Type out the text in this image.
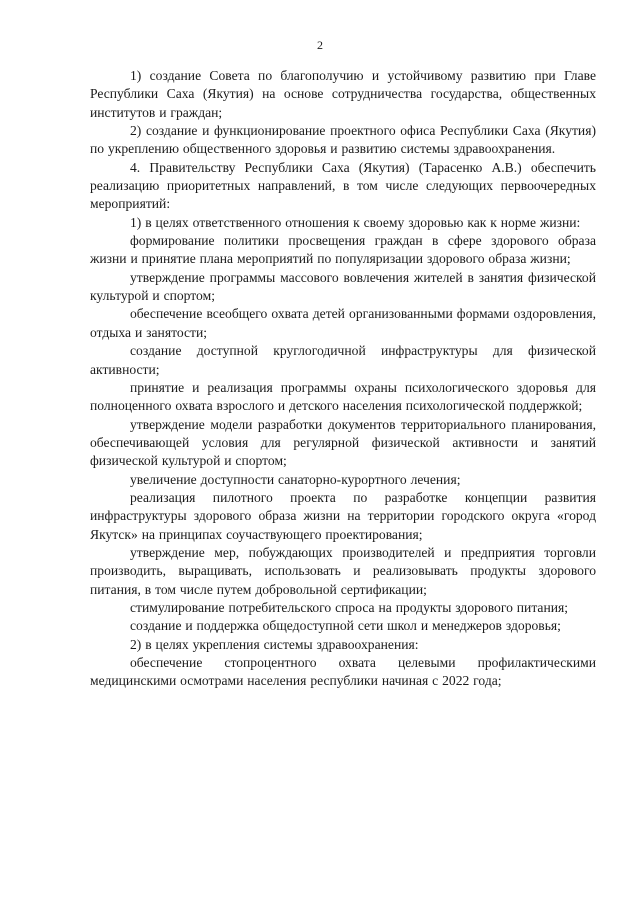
2

1) создание Совета по благополучию и устойчивому развитию при Главе Республики Саха (Якутия) на основе сотрудничества государства, общественных институтов и граждан;

2) создание и функционирование проектного офиса Республики Саха (Якутия) по укреплению общественного здоровья и развитию системы здравоохранения.

4. Правительству Республики Саха (Якутия) (Тарасенко А.В.) обеспечить реализацию приоритетных направлений, в том числе следующих первоочередных мероприятий:

1) в целях ответственного отношения к своему здоровью как к норме жизни:

формирование политики просвещения граждан в сфере здорового образа жизни и принятие плана мероприятий по популяризации здорового образа жизни;

утверждение программы массового вовлечения жителей в занятия физической культурой и спортом;

обеспечение всеобщего охвата детей организованными формами оздоровления, отдыха и занятости;

создание доступной круглогодичной инфраструктуры для физической активности;

принятие и реализация программы охраны психологического здоровья для полноценного охвата взрослого и детского населения психологической поддержкой;

утверждение модели разработки документов территориального планирования, обеспечивающей условия для регулярной физической активности и занятий физической культурой и спортом;

увеличение доступности санаторно-курортного лечения;

реализация пилотного проекта по разработке концепции развития инфраструктуры здорового образа жизни на территории городского округа «город Якутск» на принципах соучаствующего проектирования;

утверждение мер, побуждающих производителей и предприятия торговли производить, выращивать, использовать и реализовывать продукты здорового питания, в том числе путем добровольной сертификации;

стимулирование потребительского спроса на продукты здорового питания;

создание и поддержка общедоступной сети школ и менеджеров здоровья;

2) в целях укрепления системы здравоохранения:

обеспечение стопроцентного охвата целевыми профилактическими медицинскими осмотрами населения республики начиная с 2022 года;
